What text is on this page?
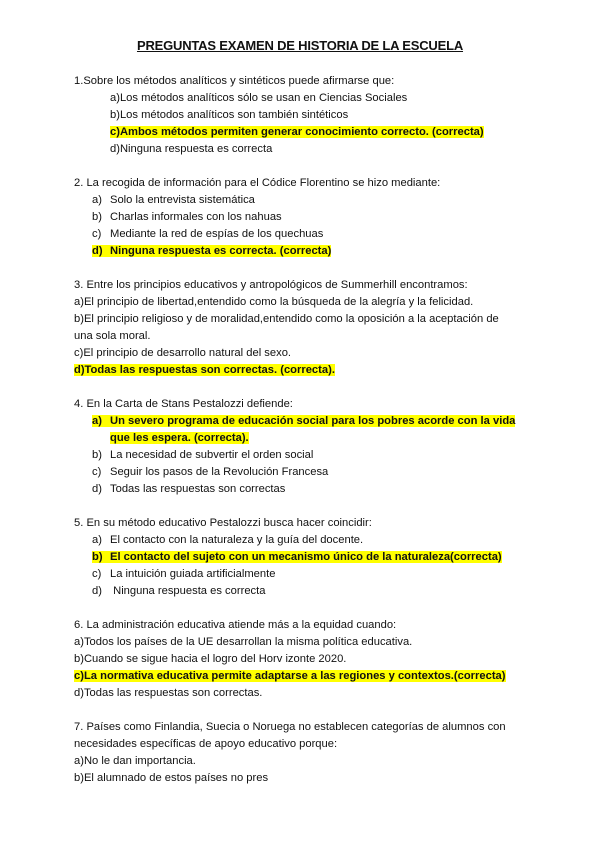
PREGUNTAS EXAMEN DE HISTORIA DE LA ESCUELA
1.Sobre los métodos analíticos y sintéticos puede afirmarse que:
a)Los métodos analíticos sólo se usan en Ciencias Sociales
b)Los métodos analíticos son también sintéticos
c)Ambos métodos permiten generar conocimiento correcto. (correcta)
d)Ninguna respuesta es correcta
2. La recogida de información para el Códice Florentino se hizo mediante:
a) Solo la entrevista sistemática
b) Charlas informales con los nahuas
c) Mediante la red de espías de los quechuas
d) Ninguna respuesta es correcta. (correcta)
3. Entre los principios educativos y antropológicos de Summerhill encontramos:
a)El principio de libertad,entendido como la búsqueda de la alegría y la felicidad.
b)El principio religioso y de moralidad,entendido como la oposición a la aceptación de
una sola moral.
c)El principio de desarrollo natural del sexo.
d)Todas las respuestas son correctas. (correcta).
4. En la Carta de Stans Pestalozzi defiende:
a) Un severo programa de educación social para los pobres acorde con la vida
que les espera. (correcta).
b) La necesidad de subvertir el orden social
c) Seguir los pasos de la Revolución Francesa
d) Todas las respuestas son correctas
5. En su método educativo Pestalozzi busca hacer coincidir:
a) El contacto con la naturaleza y la guía del docente.
b) El contacto del sujeto con un mecanismo único de la naturaleza(correcta)
c) La intuición guiada artificialmente
d) Ninguna respuesta es correcta
6. La administración educativa atiende más a la equidad cuando:
a)Todos los países de la UE desarrollan la misma política educativa.
b)Cuando se sigue hacia el logro del Horv izonte 2020.
c)La normativa educativa permite adaptarse a las regiones y contextos.(correcta)
d)Todas las respuestas son correctas.
7. Países como Finlandia, Suecia o Noruega no establecen categorías de alumnos con
necesidades específicas de apoyo educativo porque:
a)No le dan importancia.
b)El alumnado de estos países no pres
